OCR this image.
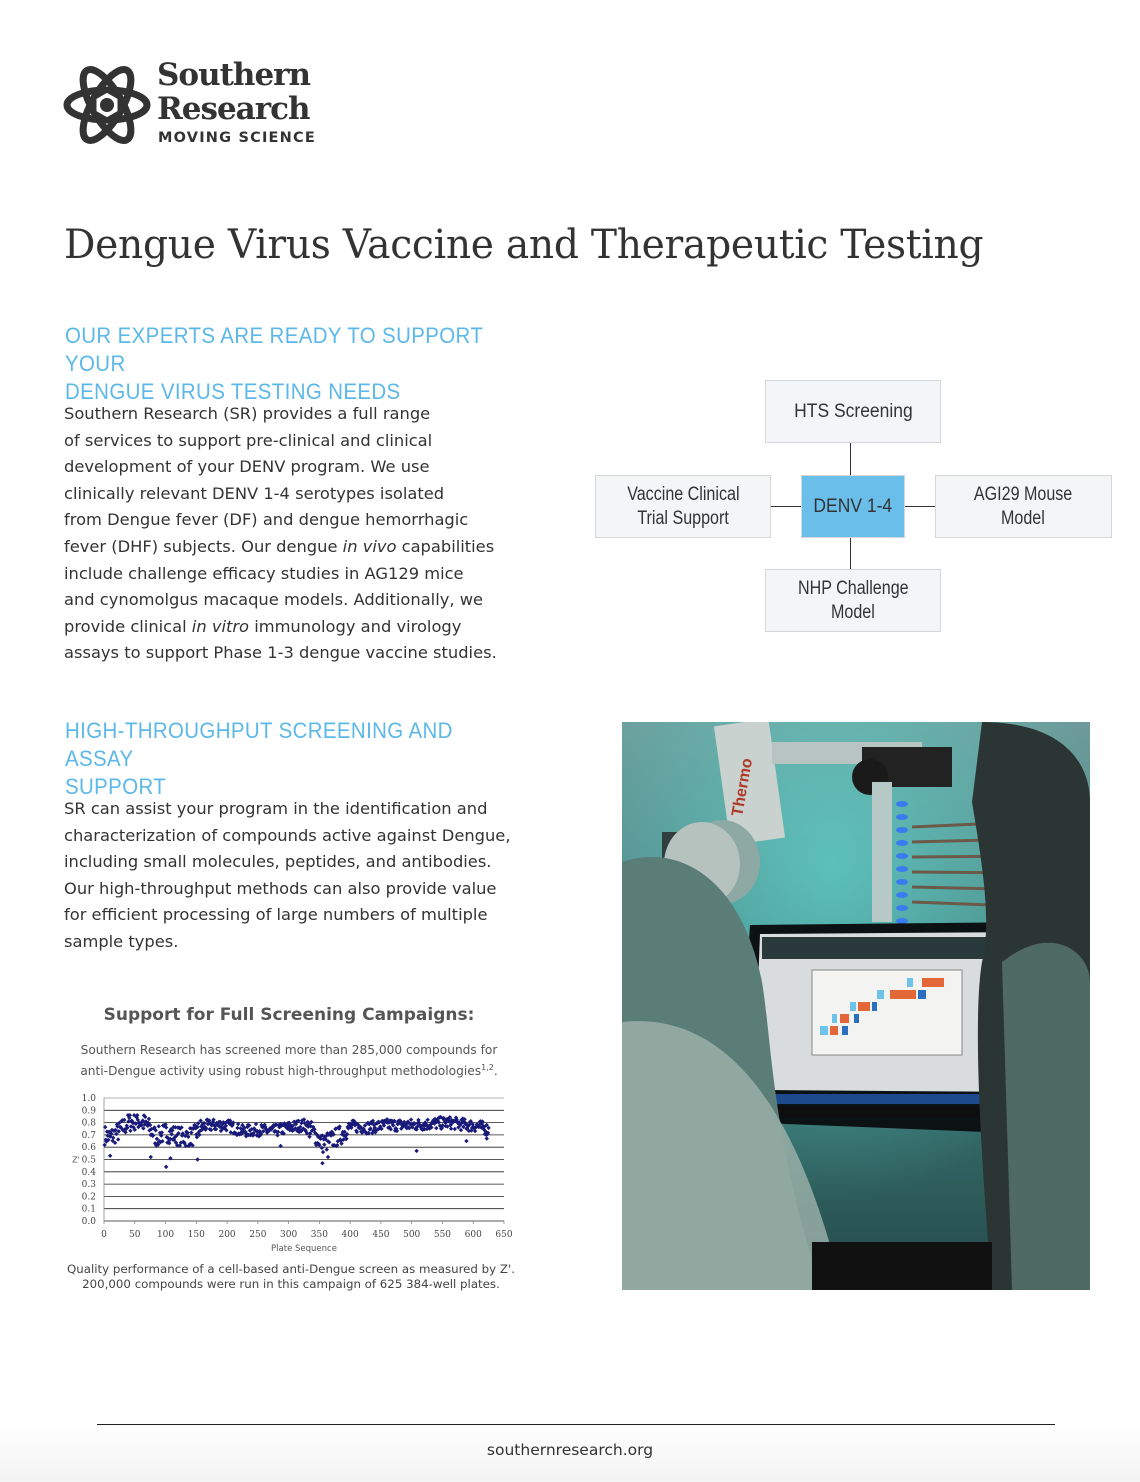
Southern
Research
MOVING SCIENCE
Dengue Virus Vaccine and Therapeutic Testing
OUR EXPERTS ARE READY TO SUPPORT YOUR
DENGUE VIRUS TESTING NEEDS
Southern Research (SR) provides a full range
of services to support pre-clinical and clinical
development of your DENV program. We use
clinically relevant DENV 1-4 serotypes isolated
from Dengue fever (DF) and dengue hemorrhagic
fever (DHF) subjects. Our dengue in vivo capabilities
include challenge efficacy studies in AG129 mice
and cynomolgus macaque models. Additionally, we
provide clinical in vitro immunology and virology
assays to support Phase 1-3 dengue vaccine studies.
HTS Screening
DENV 1-4
Vaccine Clinical
Trial Support
AGI29 Mouse
Model
NHP Challenge
Model
HIGH-THROUGHPUT SCREENING AND ASSAY
SUPPORT
SR can assist your program in the identification and
characterization of compounds active against Dengue,
including small molecules, peptides, and antibodies.
Our high-throughput methods can also provide value
for efficient processing of large numbers of multiple
sample types.
Support for Full Screening Campaigns:
Southern Research has screened more than 285,000 compounds for
anti-Dengue activity using robust high-throughput methodologies$^{1,2}$.
0.0
0.1
0.2
0.3
0.4
0.5
0.6
0.7
0.8
0.9
1.0
0 50 100 150 200 250 300 350 400 450 500 550 600 650
Plate Sequence
Z'
Quality performance of a cell-based anti-Dengue screen as measured by Z'.
200,000 compounds were run in this campaign of 625 384-well plates.
Thermo
southernresearch.org
